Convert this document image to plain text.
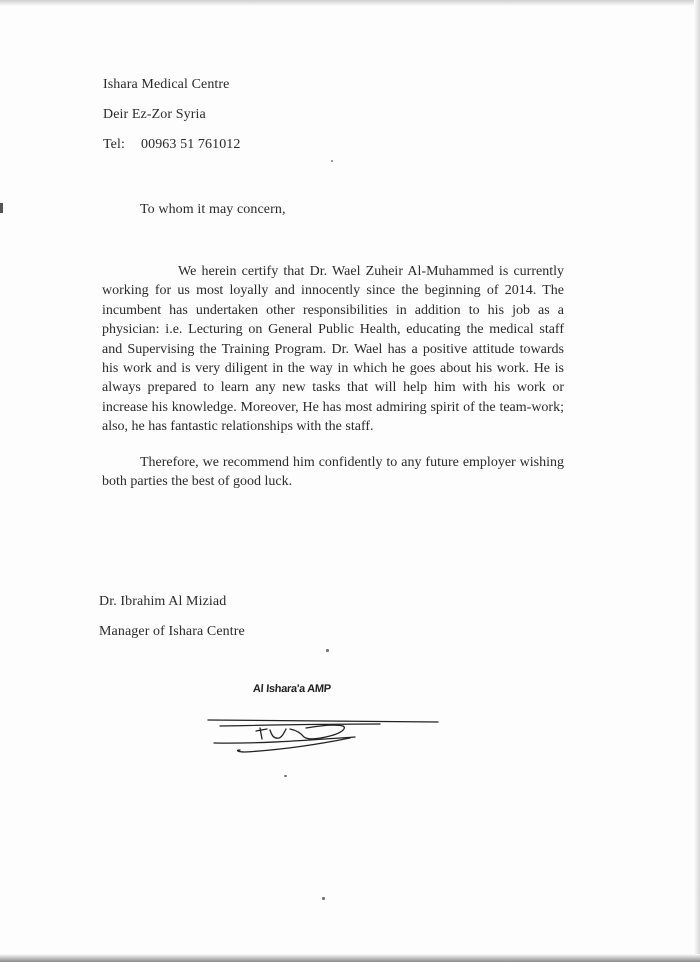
Ishara Medical Centre
Deir Ez-Zor Syria
Tel: 00963 51 761012
To whom it may concern,
We herein certify that Dr. Wael Zuheir Al-Muhammed is currently working for us most loyally and innocently since the beginning of 2014. The incumbent has undertaken other responsibilities in addition to his job as a physician: i.e. Lecturing on General Public Health, educating the medical staff and Supervising the Training Program. Dr. Wael has a positive attitude towards his work and is very diligent in the way in which he goes about his work. He is always prepared to learn any new tasks that will help him with his work or increase his knowledge. Moreover, He has most admiring spirit of the team-work; also, he has fantastic relationships with the staff.
Therefore, we recommend him confidently to any future employer wishing both parties the best of good luck.
Dr. Ibrahim Al Miziad
Manager of Ishara Centre
Al Ishara'a AMP
